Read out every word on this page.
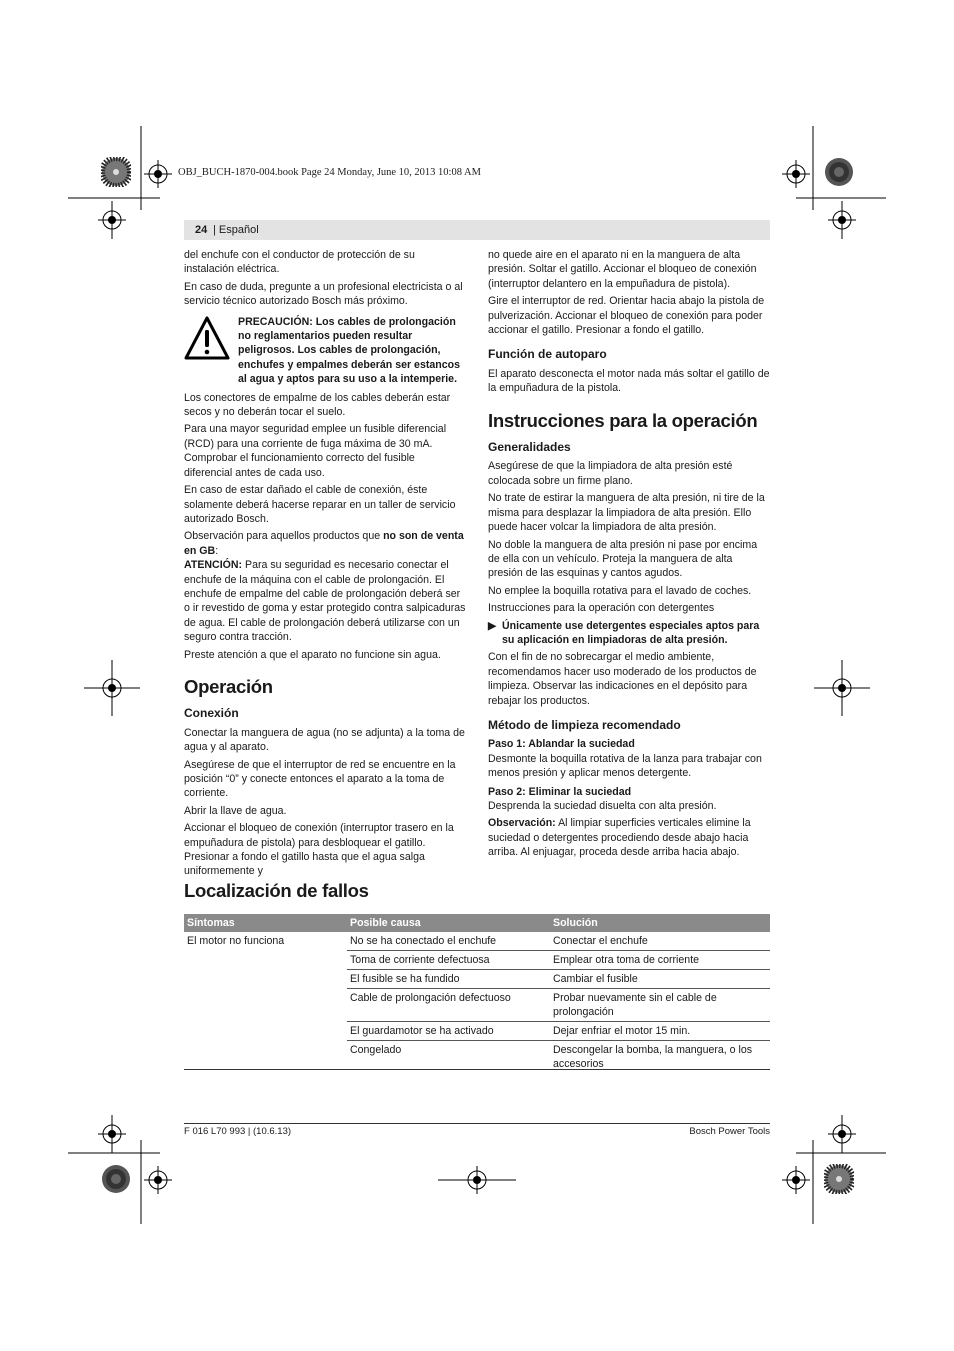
OBJ_BUCH-1870-004.book Page 24 Monday, June 10, 2013 10:08 AM
24 | Español

del enchufe con el conductor de protección de su instalación eléctrica.

En caso de duda, pregunte a un profesional electricista o al servicio técnico autorizado Bosch más próximo.

PRECAUCIÓN: Los cables de prolongación no reglamentarios pueden resultar peligrosos. Los cables de prolongación, enchufes y empalmes deberán ser estancos al agua y aptos para su uso a la intemperie.

Los conectores de empalme de los cables deberán estar secos y no deberán tocar el suelo.

Para una mayor seguridad emplee un fusible diferencial (RCD) para una corriente de fuga máxima de 30 mA. Comprobar el funcionamiento correcto del fusible diferencial antes de cada uso.

En caso de estar dañado el cable de conexión, éste solamente deberá hacerse reparar en un taller de servicio autorizado Bosch.

Observación para aquellos productos que no son de venta en GB:

ATENCIÓN: Para su seguridad es necesario conectar el enchufe de la máquina con el cable de prolongación. El enchufe de empalme del cable de prolongación deberá ser o ir revestido de goma y estar protegido contra salpicaduras de agua. El cable de prolongación deberá utilizarse con un seguro contra tracción.

Preste atención a que el aparato no funcione sin agua.

Operación
Conexión

Conectar la manguera de agua (no se adjunta) a la toma de agua y al aparato.

Asegúrese de que el interruptor de red se encuentre en la posición “0” y conecte entonces el aparato a la toma de corriente.

Abrir la llave de agua.

Accionar el bloqueo de conexión (interruptor trasero en la empuñadura de pistola) para desbloquear el gatillo. Presionar a fondo el gatillo hasta que el agua salga uniformemente y

no quede aire en el aparato ni en la manguera de alta presión. Soltar el gatillo. Accionar el bloqueo de conexión (interruptor delantero en la empuñadura de pistola).

Gire el interruptor de red. Orientar hacia abajo la pistola de pulverización. Accionar el bloqueo de conexión para poder accionar el gatillo. Presionar a fondo el gatillo.

Función de autoparo

El aparato desconecta el motor nada más soltar el gatillo de la empuñadura de la pistola.

Instrucciones para la operación
Generalidades

Asegúrese de que la limpiadora de alta presión esté colocada sobre un firme plano.

No trate de estirar la manguera de alta presión, ni tire de la misma para desplazar la limpiadora de alta presión. Ello puede hacer volcar la limpiadora de alta presión.

No doble la manguera de alta presión ni pase por encima de ella con un vehículo. Proteja la manguera de alta presión de las esquinas y cantos agudos.

No emplee la boquilla rotativa para el lavado de coches.

Instrucciones para la operación con detergentes

▶ Únicamente use detergentes especiales aptos para su aplicación en limpiadoras de alta presión.

Con el fin de no sobrecargar el medio ambiente, recomendamos hacer uso moderado de los productos de limpieza. Observar las indicaciones en el depósito para rebajar los productos.

Método de limpieza recomendado
Paso 1: Ablandar la suciedad

Desmonte la boquilla rotativa de la lanza para trabajar con menos presión y aplicar menos detergente.

Paso 2: Eliminar la suciedad

Desprenda la suciedad disuelta con alta presión.

Observación: Al limpiar superficies verticales elimine la suciedad o detergentes procediendo desde abajo hacia arriba. Al enjuagar, proceda desde arriba hacia abajo.

Localización de fallos
Síntomas	Posible causa	Solución
El motor no funciona	No se ha conectado el enchufe	Conectar el enchufe
	Toma de corriente defectuosa	Emplear otra toma de corriente
	El fusible se ha fundido	Cambiar el fusible
	Cable de prolongación defectuoso	Probar nuevamente sin el cable de prolongación
	El guardamotor se ha activado	Dejar enfriar el motor 15 min.
	Congelado	Descongelar la bomba, la manguera, o los accesorios
F 016 L70 993 | (10.6.13)	Bosch Power Tools
